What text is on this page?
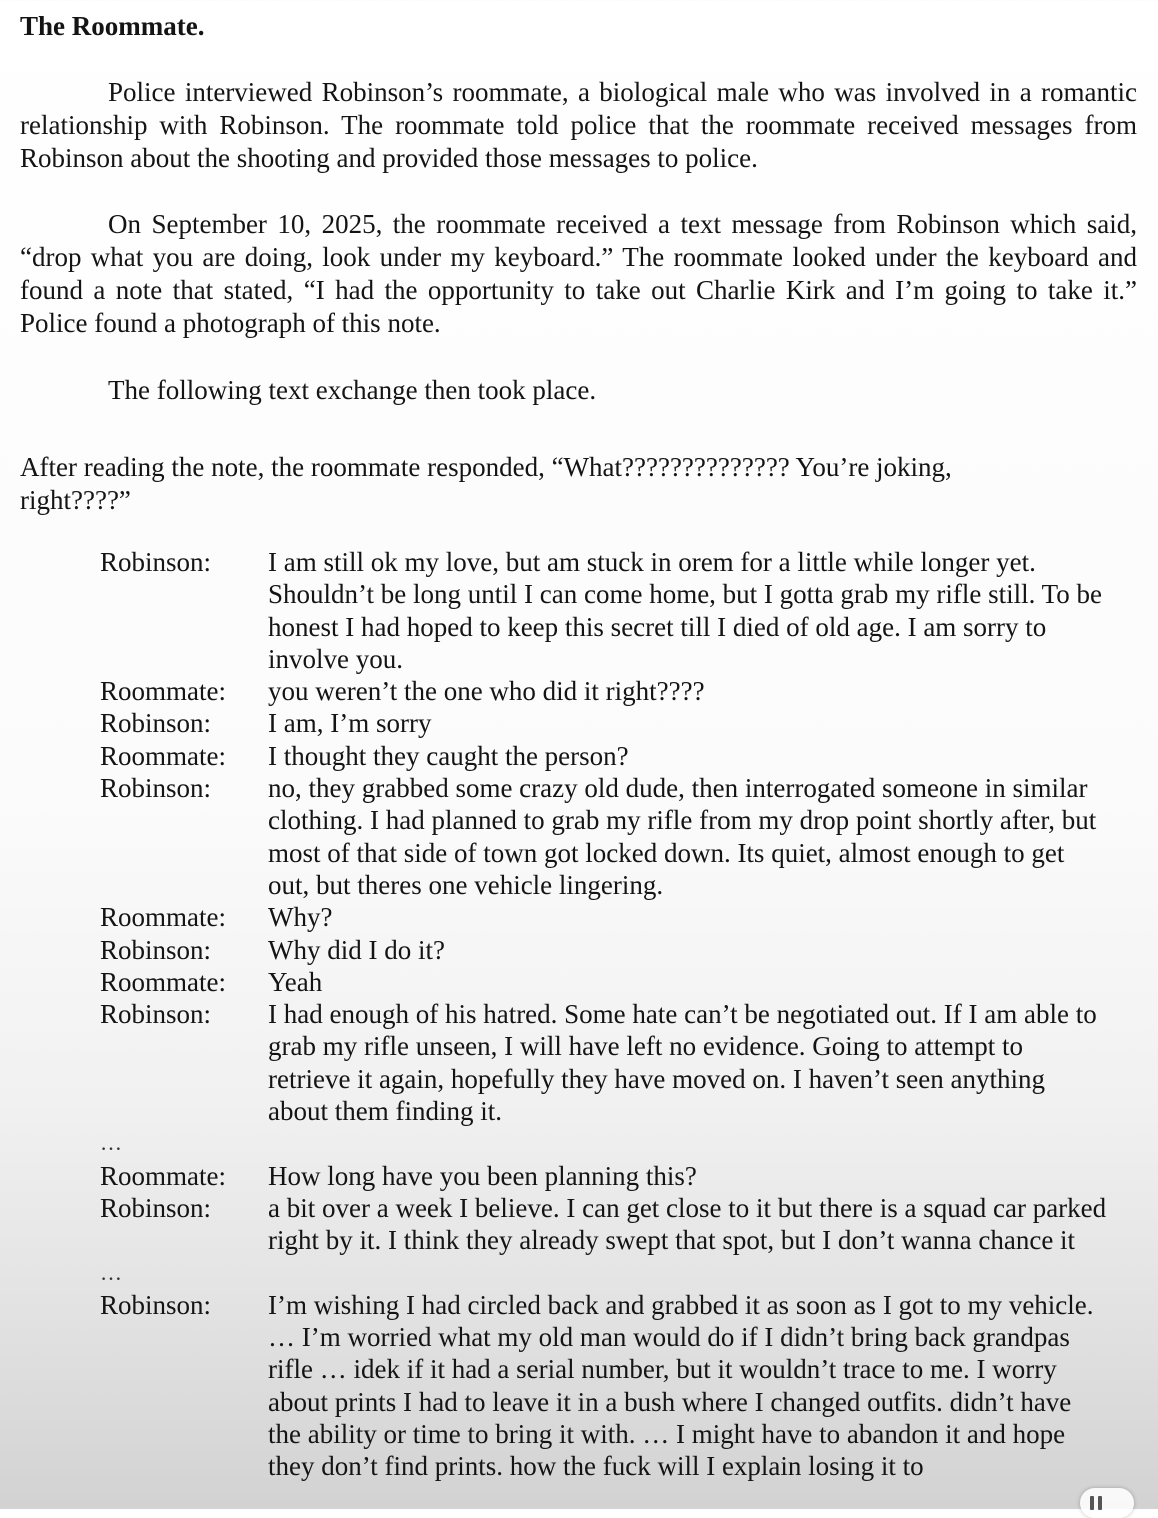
The Roommate.

Police interviewed Robinson’s roommate, a biological male who was involved in a romantic relationship with Robinson. The roommate told police that the roommate received messages from Robinson about the shooting and provided those messages to police.

On September 10, 2025, the roommate received a text message from Robinson which said, “drop what you are doing, look under my keyboard.” The roommate looked under the keyboard and found a note that stated, “I had the opportunity to take out Charlie Kirk and I’m going to take it.” Police found a photograph of this note.

The following text exchange then took place.

After reading the note, the roommate responded, “What?????????????? You’re joking, right????”

Robinson:	I am still ok my love, but am stuck in orem for a little while longer yet. Shouldn’t be long until I can come home, but I gotta grab my rifle still. To be honest I had hoped to keep this secret till I died of old age. I am sorry to involve you.
Roommate:	you weren’t the one who did it right????
Robinson:	I am, I’m sorry
Roommate:	I thought they caught the person?
Robinson:	no, they grabbed some crazy old dude, then interrogated someone in similar clothing. I had planned to grab my rifle from my drop point shortly after, but most of that side of town got locked down. Its quiet, almost enough to get out, but theres one vehicle lingering.
Roommate:	Why?
Robinson:	Why did I do it?
Roommate:	Yeah
Robinson:	I had enough of his hatred. Some hate can’t be negotiated out. If I am able to grab my rifle unseen, I will have left no evidence. Going to attempt to retrieve it again, hopefully they have moved on. I haven’t seen anything about them finding it.
…
Roommate:	How long have you been planning this?
Robinson:	a bit over a week I believe. I can get close to it but there is a squad car parked right by it. I think they already swept that spot, but I don’t wanna chance it
…
Robinson:	I’m wishing I had circled back and grabbed it as soon as I got to my vehicle. … I’m worried what my old man would do if I didn’t bring back grandpas rifle … idek if it had a serial number, but it wouldn’t trace to me. I worry about prints I had to leave it in a bush where I changed outfits. didn’t have the ability or time to bring it with. … I might have to abandon it and hope they don’t find prints. how the fuck will I explain losing it to
